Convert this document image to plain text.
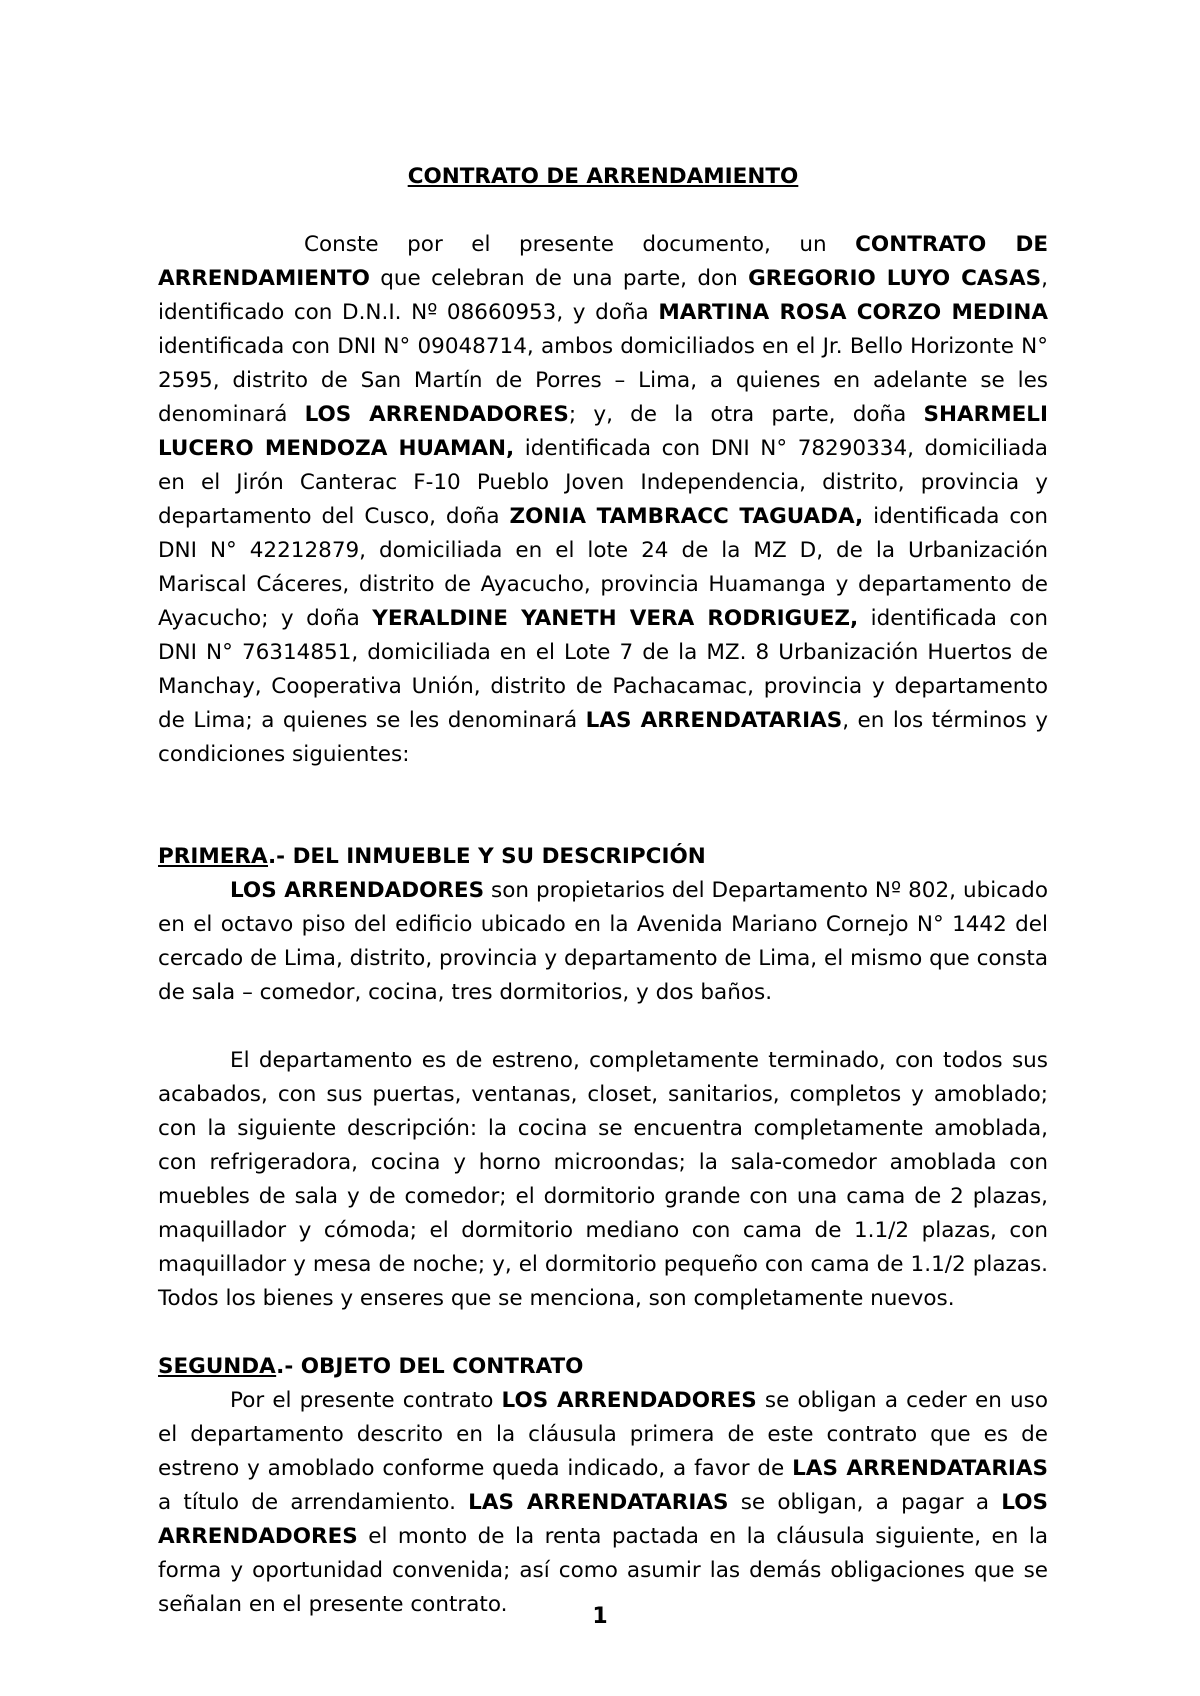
CONTRATO DE ARRENDAMIENTO

Conste por el presente documento, un CONTRATO DE ARRENDAMIENTO que celebran de una parte, don GREGORIO LUYO CASAS, identificado con D.N.I. Nº 08660953, y doña MARTINA ROSA CORZO MEDINA identificada con DNI N° 09048714, ambos domiciliados en el Jr. Bello Horizonte N° 2595, distrito de San Martín de Porres – Lima, a quienes en adelante se les denominará LOS ARRENDADORES; y, de la otra parte, doña SHARMELI LUCERO MENDOZA HUAMAN, identificada con DNI N° 78290334, domiciliada en el Jirón Canterac F-10 Pueblo Joven Independencia, distrito, provincia y departamento del Cusco, doña ZONIA TAMBRACC TAGUADA, identificada con DNI N° 42212879, domiciliada en el lote 24 de la MZ D, de la Urbanización Mariscal Cáceres, distrito de Ayacucho, provincia Huamanga y departamento de Ayacucho; y doña YERALDINE YANETH VERA RODRIGUEZ, identificada con DNI N° 76314851, domiciliada en el Lote 7 de la MZ. 8 Urbanización Huertos de Manchay, Cooperativa Unión, distrito de Pachacamac, provincia y departamento de Lima; a quienes se les denominará LAS ARRENDATARIAS, en los términos y condiciones siguientes:

PRIMERA.- DEL INMUEBLE Y SU DESCRIPCIÓN

LOS ARRENDADORES son propietarios del Departamento Nº 802, ubicado en el octavo piso del edificio ubicado en la Avenida Mariano Cornejo N° 1442 del cercado de Lima, distrito, provincia y departamento de Lima, el mismo que consta de sala – comedor, cocina, tres dormitorios, y dos baños.

El departamento es de estreno, completamente terminado, con todos sus acabados, con sus puertas, ventanas, closet, sanitarios, completos y amoblado; con la siguiente descripción: la cocina se encuentra completamente amoblada, con refrigeradora, cocina y horno microondas; la sala-comedor amoblada con muebles de sala y de comedor; el dormitorio grande con una cama de 2 plazas, maquillador y cómoda; el dormitorio mediano con cama de 1.1/2 plazas, con maquillador y mesa de noche; y, el dormitorio pequeño con cama de 1.1/2 plazas. Todos los bienes y enseres que se menciona, son completamente nuevos.

SEGUNDA.- OBJETO DEL CONTRATO

Por el presente contrato LOS ARRENDADORES se obligan a ceder en uso el departamento descrito en la cláusula primera de este contrato que es de estreno y amoblado conforme queda indicado, a favor de LAS ARRENDATARIAS a título de arrendamiento. LAS ARRENDATARIAS se obligan, a pagar a LOS ARRENDADORES el monto de la renta pactada en la cláusula siguiente, en la forma y oportunidad convenida; así como asumir las demás obligaciones que se señalan en el presente contrato.	1
